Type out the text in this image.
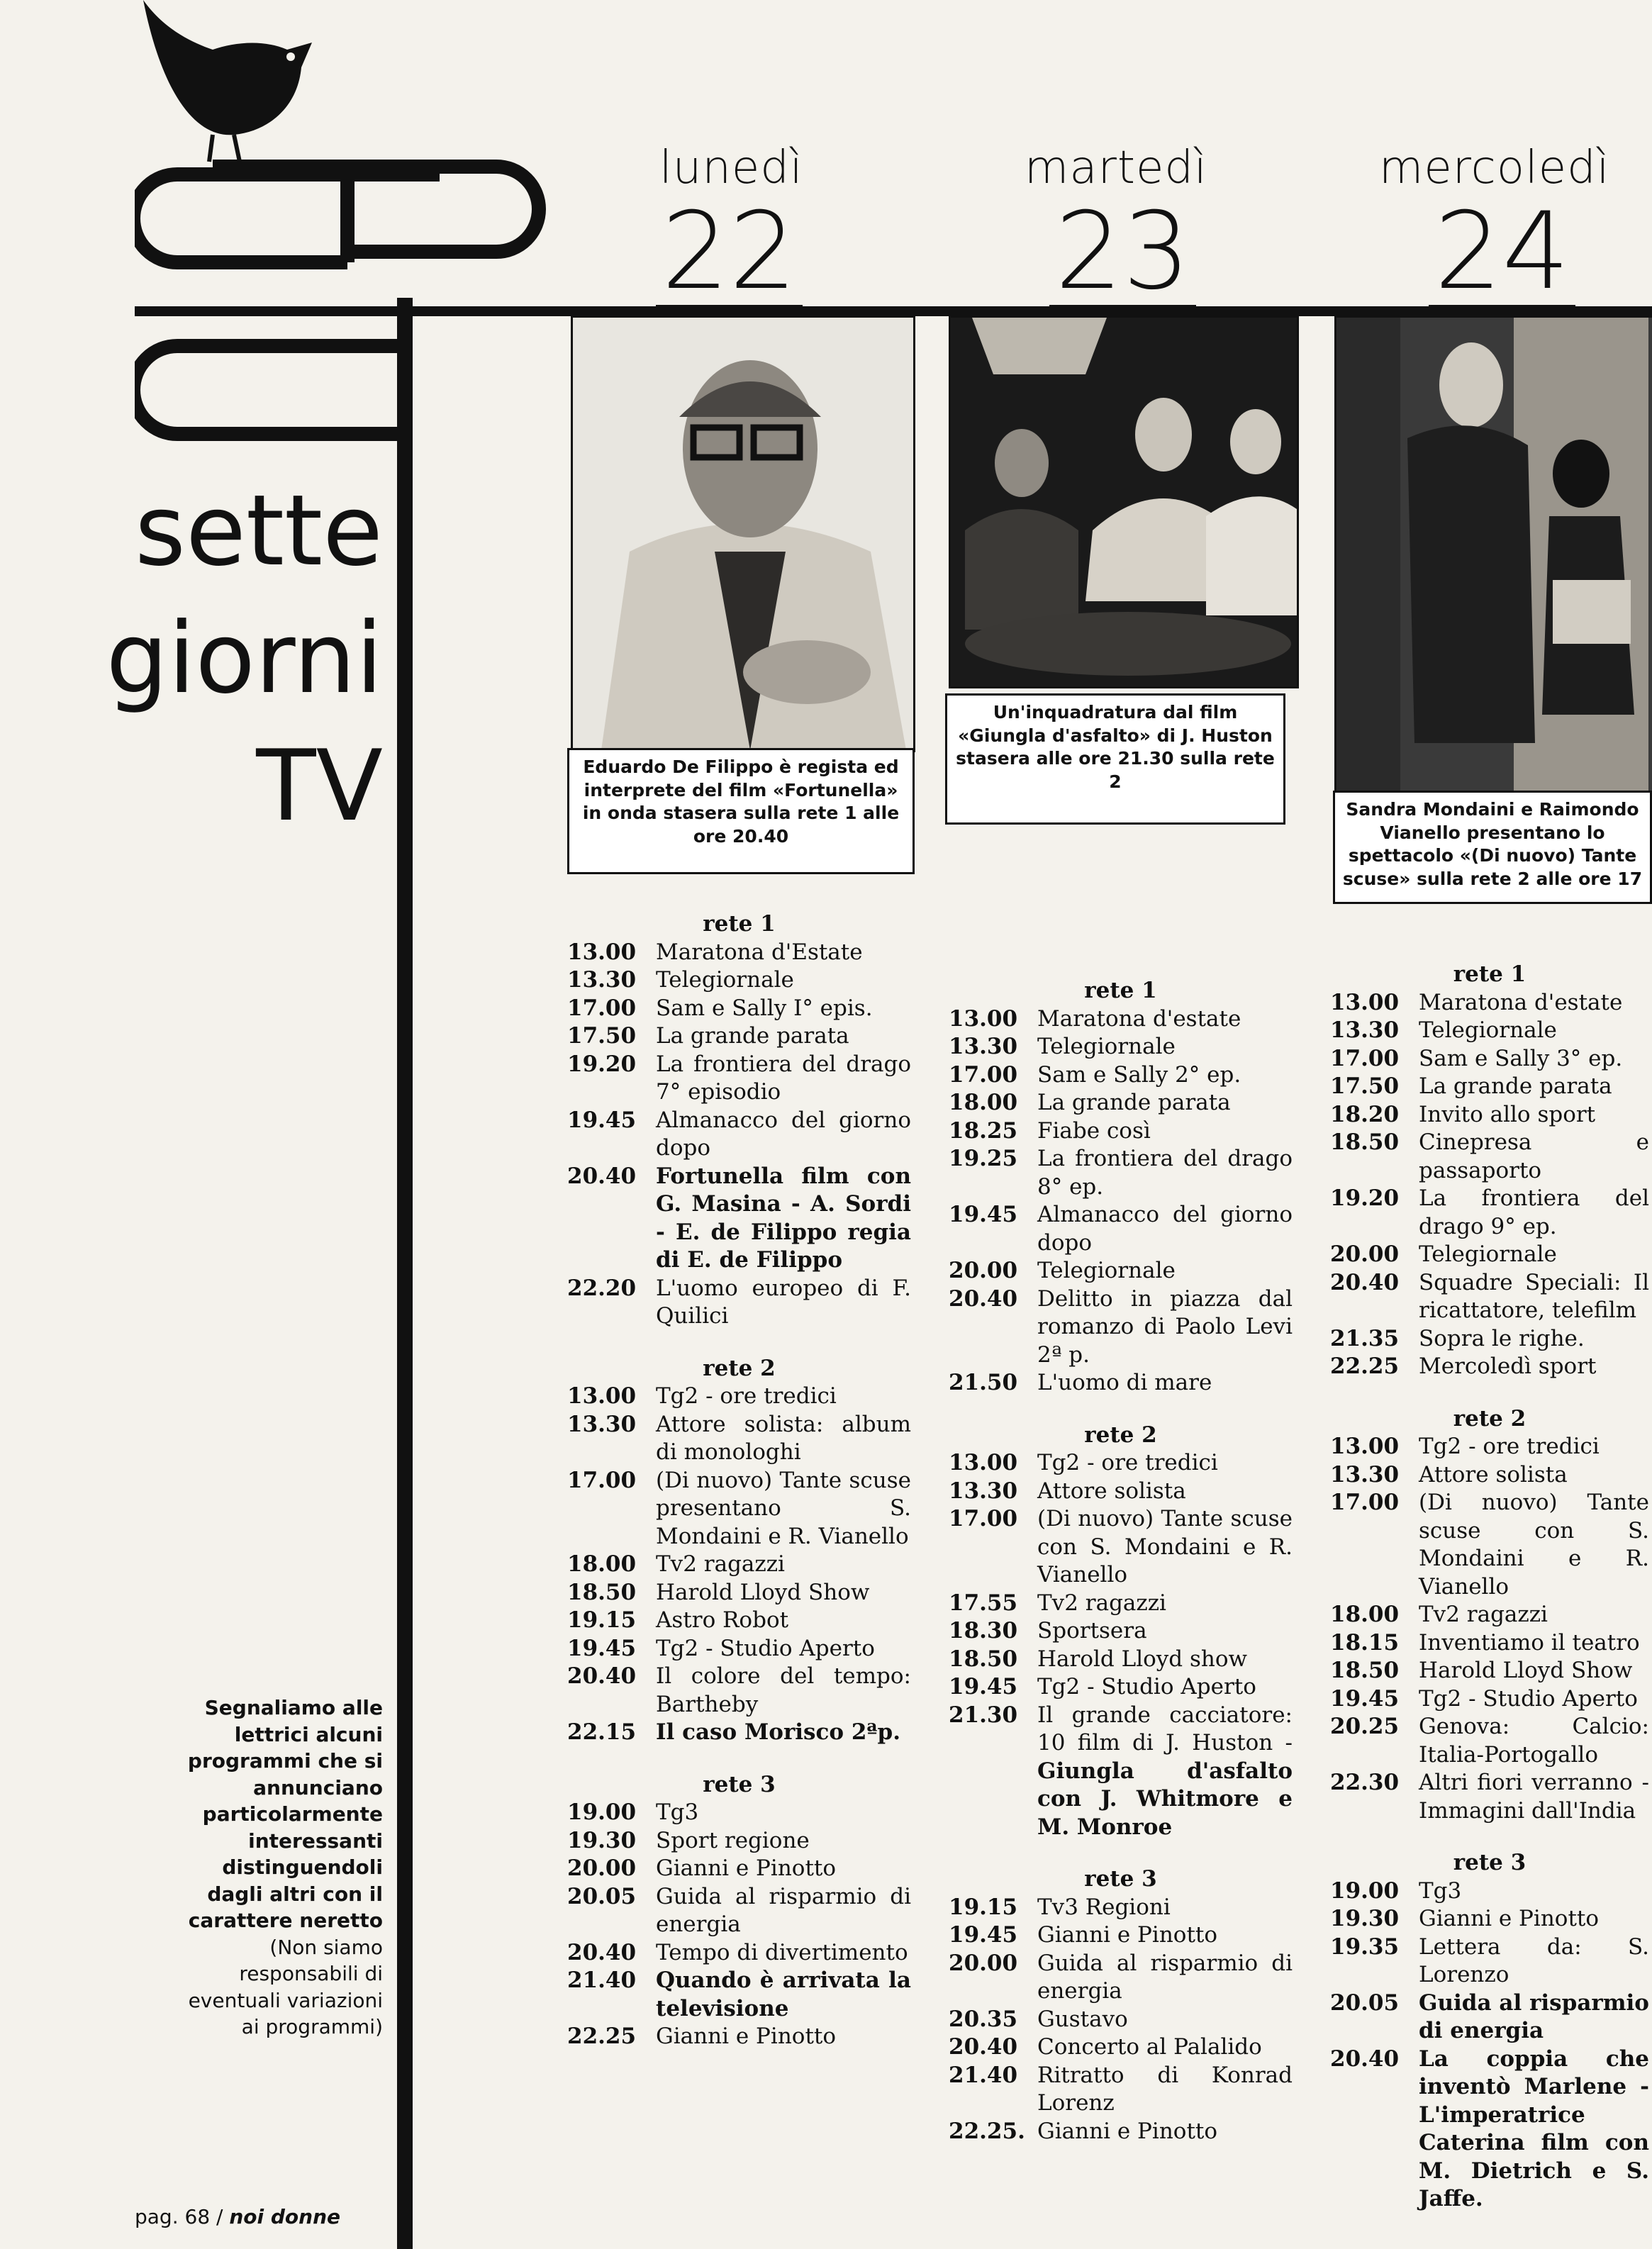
sette
giorni
TV
lunedì
22
martedì
23
mercoledì
24
Eduardo De Filippo è regista ed interprete del film «Fortunella» in onda stasera sulla rete 1 alle ore 20.40
Un'inquadratura dal film «Giungla d'asfalto» di J. Huston stasera alle ore 21.30 sulla rete 2
Sandra Mondaini e Raimondo Vianello presentano lo spettacolo «(Di nuovo) Tante scuse» sulla rete 2 alle ore 17
rete 1
13.00 Maratona d'Estate
13.30 Telegiornale
17.00 Sam e Sally I° epis.
17.50 La grande parata
19.20 La frontiera del drago 7° episodio
19.45 Almanacco del giorno dopo
20.40 Fortunella film con G. Masina - A. Sordi - E. de Filippo regia di E. de Filippo
22.20 L'uomo europeo di F. Quilici
rete 2
13.00 Tg2 - ore tredici
13.30 Attore solista: album di monologhi
17.00 (Di nuovo) Tante scuse presentano S. Mondaini e R. Vianello
18.00 Tv2 ragazzi
18.50 Harold Lloyd Show
19.15 Astro Robot
19.45 Tg2 - Studio Aperto
20.40 Il colore del tempo: Bartheby
22.15 Il caso Morisco 2ªp.
rete 3
19.00 Tg3
19.30 Sport regione
20.00 Gianni e Pinotto
20.05 Guida al risparmio di energia
20.40 Tempo di divertimento
21.40 Quando è arrivata la televisione
22.25 Gianni e Pinotto
rete 1
13.00 Maratona d'estate
13.30 Telegiornale
17.00 Sam e Sally 2° ep.
18.00 La grande parata
18.25 Fiabe così
19.25 La frontiera del drago 8° ep.
19.45 Almanacco del giorno dopo
20.00 Telegiornale
20.40 Delitto in piazza dal romanzo di Paolo Levi 2ª p.
21.50 L'uomo di mare
rete 2
13.00 Tg2 - ore tredici
13.30 Attore solista
17.00 (Di nuovo) Tante scuse con S. Mondaini e R. Vianello
17.55 Tv2 ragazzi
18.30 Sportsera
18.50 Harold Lloyd show
19.45 Tg2 - Studio Aperto
21.30 Il grande cacciatore: 10 film di J. Huston - Giungla d'asfalto con J. Whitmore e M. Monroe
rete 3
19.15 Tv3 Regioni
19.45 Gianni e Pinotto
20.00 Guida al risparmio di energia
20.35 Gustavo
20.40 Concerto al Palalido
21.40 Ritratto di Konrad Lorenz
22.25. Gianni e Pinotto
rete 1
13.00 Maratona d'estate
13.30 Telegiornale
17.00 Sam e Sally 3° ep.
17.50 La grande parata
18.20 Invito allo sport
18.50 Cinepresa e passaporto
19.20 La frontiera del drago 9° ep.
20.00 Telegiornale
20.40 Squadre Speciali: Il ricattatore, telefilm
21.35 Sopra le righe.
22.25 Mercoledì sport
rete 2
13.00 Tg2 - ore tredici
13.30 Attore solista
17.00 (Di nuovo) Tante scuse con S. Mondaini e R. Vianello
18.00 Tv2 ragazzi
18.15 Inventiamo il teatro
18.50 Harold Lloyd Show
19.45 Tg2 - Studio Aperto
20.25 Genova: Calcio: Italia-Portogallo
22.30 Altri fiori verranno - Immagini dall'India
rete 3
19.00 Tg3
19.30 Gianni e Pinotto
19.35 Lettera da: S. Lorenzo
20.05 Guida al risparmio di energia
20.40 La coppia che inventò Marlene - L'imperatrice Caterina film con M. Dietrich e S. Jaffe.
Segnaliamo alle lettrici alcuni programmi che si annunciano particolarmente interessanti distinguendoli dagli altri con il carattere neretto
(Non siamo responsabili di eventuali variazioni ai programmi)
pag. 68 / noi donne
